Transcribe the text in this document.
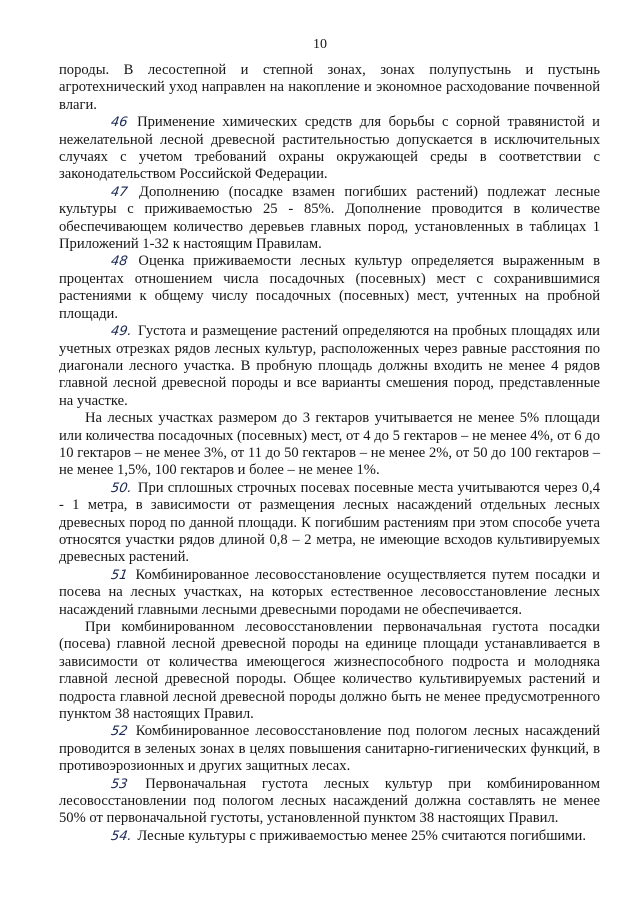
10

породы. В лесостепной и степной зонах, зонах полупустынь и пустынь агротехнический уход направлен на накопление и экономное расходование почвенной влаги.

46 Применение химических средств для борьбы с сорной травянистой и нежелательной лесной древесной растительностью допускается в исключительных случаях с учетом требований охраны окружающей среды в соответствии с законодательством Российской Федерации.

47 Дополнению (посадке взамен погибших растений) подлежат лесные культуры с приживаемостью 25 - 85%. Дополнение проводится в количестве обеспечивающем количество деревьев главных пород, установленных в таблицах 1 Приложений 1-32 к настоящим Правилам.

48 Оценка приживаемости лесных культур определяется выраженным в процентах отношением числа посадочных (посевных) мест с сохранившимися растениями к общему числу посадочных (посевных) мест, учтенных на пробной площади.

49. Густота и размещение растений определяются на пробных площадях или учетных отрезках рядов лесных культур, расположенных через равные расстояния по диагонали лесного участка. В пробную площадь должны входить не менее 4 рядов главной лесной древесной породы и все варианты смешения пород, представленные на участке.

На лесных участках размером до 3 гектаров учитывается не менее 5% площади или количества посадочных (посевных) мест, от 4 до 5 гектаров – не менее 4%, от 6 до 10 гектаров – не менее 3%, от 11 до 50 гектаров – не менее 2%, от 50 до 100 гектаров – не менее 1,5%, 100 гектаров и более – не менее 1%.

50. При сплошных строчных посевах посевные места учитываются через 0,4 - 1 метра, в зависимости от размещения лесных насаждений отдельных лесных древесных пород по данной площади. К погибшим растениям при этом способе учета относятся участки рядов длиной 0,8 – 2 метра, не имеющие всходов культивируемых древесных растений.

51 Комбинированное лесовосстановление осуществляется путем посадки и посева на лесных участках, на которых естественное лесовосстановление лесных насаждений главными лесными древесными породами не обеспечивается.

При комбинированном лесовосстановлении первоначальная густота посадки (посева) главной лесной древесной породы на единице площади устанавливается в зависимости от количества имеющегося жизнеспособного подроста и молодняка главной лесной древесной породы. Общее количество культивируемых растений и подроста главной лесной древесной породы должно быть не менее предусмотренного пунктом 38 настоящих Правил.

52 Комбинированное лесовосстановление под пологом лесных насаждений проводится в зеленых зонах в целях повышения санитарно-гигиенических функций, в противоэрозионных и других защитных лесах.

53 Первоначальная густота лесных культур при комбинированном лесовосстановлении под пологом лесных насаждений должна составлять не менее 50% от первоначальной густоты, установленной пунктом 38 настоящих Правил.

54. Лесные культуры с приживаемостью менее 25% считаются погибшими.
